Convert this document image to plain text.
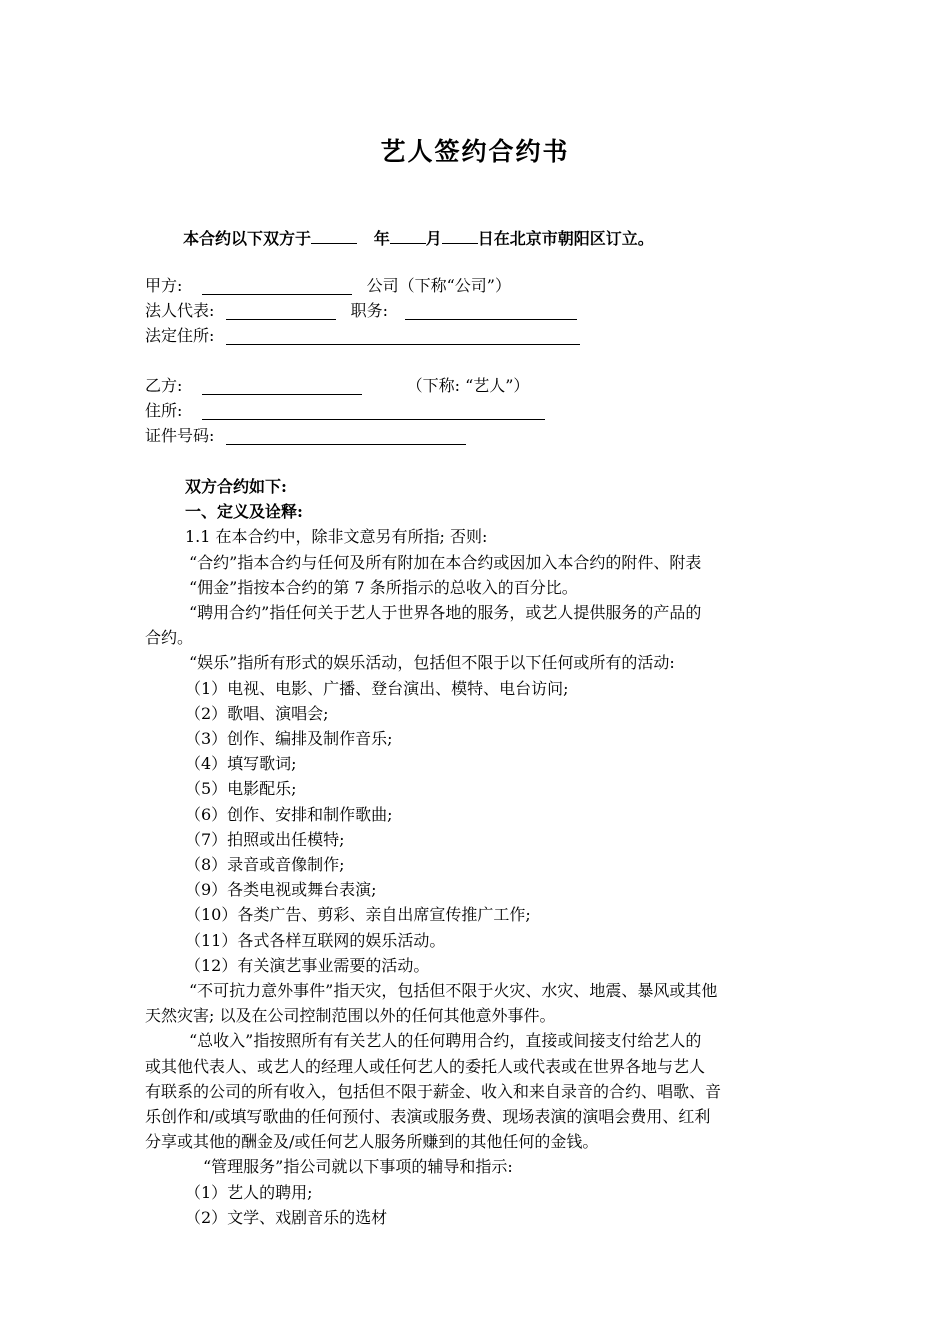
艺人签约合约书
本合约以下双方于	年 月 日在北京市朝阳区订立。
甲方:	公司（下称“公司”）
法人代表:	职务:
法定住所:
乙方:	（下称: “艺人”）
住所:
证件号码:

双方合约如下:

一、定义及诠释:

1.1 在本合约中，除非文意另有所指; 否则:

“合约”指本合约与任何及所有附加在本合约或因加入本合约的附件、附表

“佣金”指按本合约的第 7 条所指示的总收入的百分比。

“聘用合约”指任何关于艺人于世界各地的服务，或艺人提供服务的产品的

合约。

“娱乐”指所有形式的娱乐活动，包括但不限于以下任何或所有的活动:

（1）电视、电影、广播、登台演出、模特、电台访问;

（2）歌唱、演唱会;

（3）创作、编排及制作音乐;

（4）填写歌词;

（5）电影配乐;

（6）创作、安排和制作歌曲;

（7）拍照或出任模特;

（8）录音或音像制作;

（9）各类电视或舞台表演;

（10）各类广告、剪彩、亲自出席宣传推广工作;

（11）各式各样互联网的娱乐活动。

（12）有关演艺事业需要的活动。

“不可抗力意外事件”指天灾，包括但不限于火灾、水灾、地震、暴风或其他

天然灾害; 以及在公司控制范围以外的任何其他意外事件。

“总收入”指按照所有有关艺人的任何聘用合约，直接或间接支付给艺人的

或其他代表人、或艺人的经理人或任何艺人的委托人或代表或在世界各地与艺人

有联系的公司的所有收入，包括但不限于薪金、收入和来自录音的合约、唱歌、音

乐创作和/或填写歌曲的任何预付、表演或服务费、现场表演的演唱会费用、红利

分享或其他的酬金及/或任何艺人服务所赚到的其他任何的金钱。

“管理服务”指公司就以下事项的辅导和指示:

（1）艺人的聘用;

（2）文学、戏剧音乐的选材
